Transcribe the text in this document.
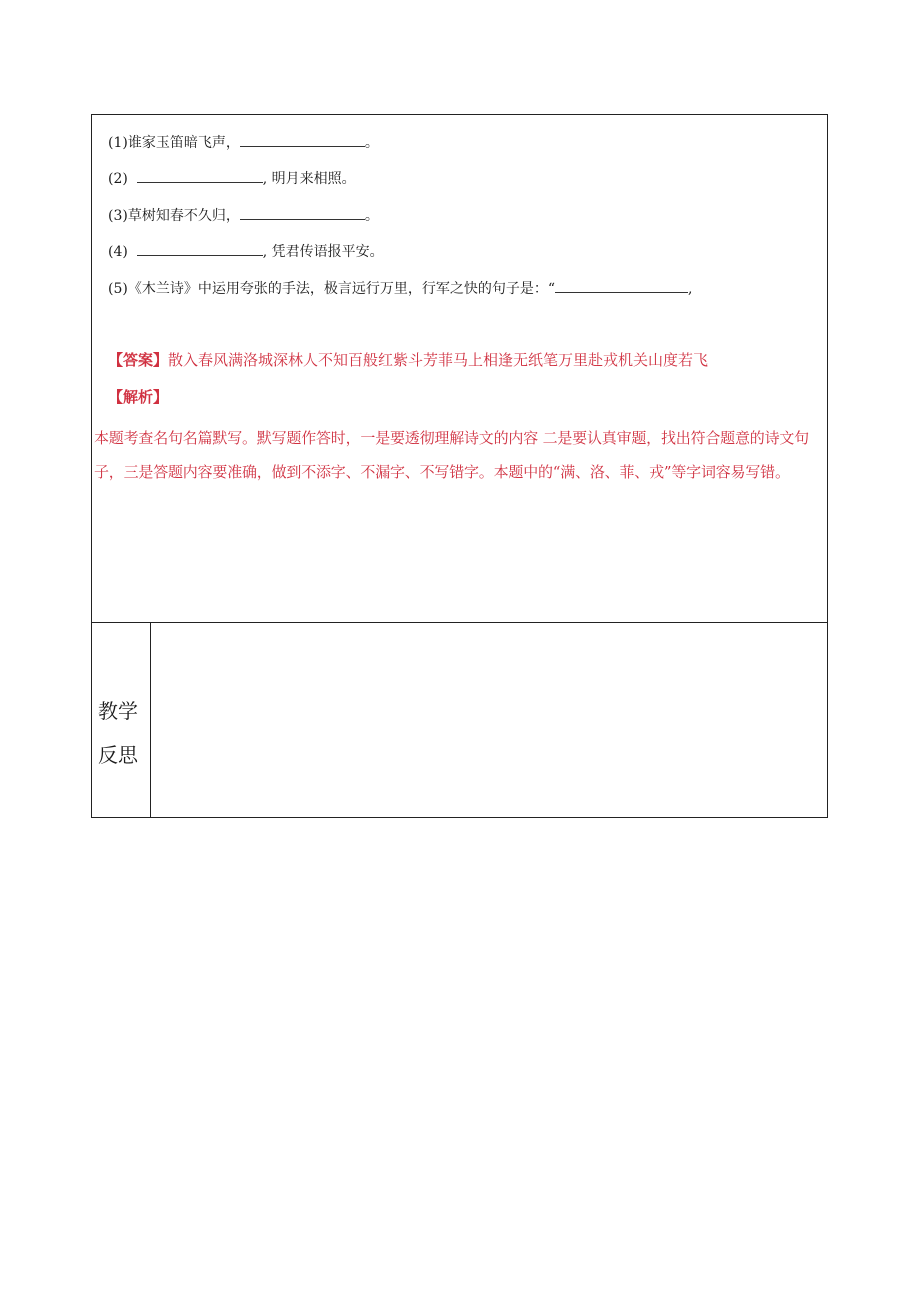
(1)谁家玉笛暗飞声，	。
(2)	, 明月来相照。
(3)草树知春不久归，	。
(4)	, 凭君传语报平安。
(5)《木兰诗》中运用夸张的手法，极言远行万里，行军之快的句子是：“	,
【答案】散入春风满洛城深林人不知百般红紫斗芳菲马上相逢无纸笔万里赴戎机关山度若飞
【解析】
本题考查名句名篇默写。默写题作答时，一是要透彻理解诗文的内容 二是要认真审题，找出符合题意的诗文句子，三是答题内容要准确，做到不添字、不漏字、不写错字。本题中的“满、洛、菲、戎”等字词容易写错。
教学
反思
